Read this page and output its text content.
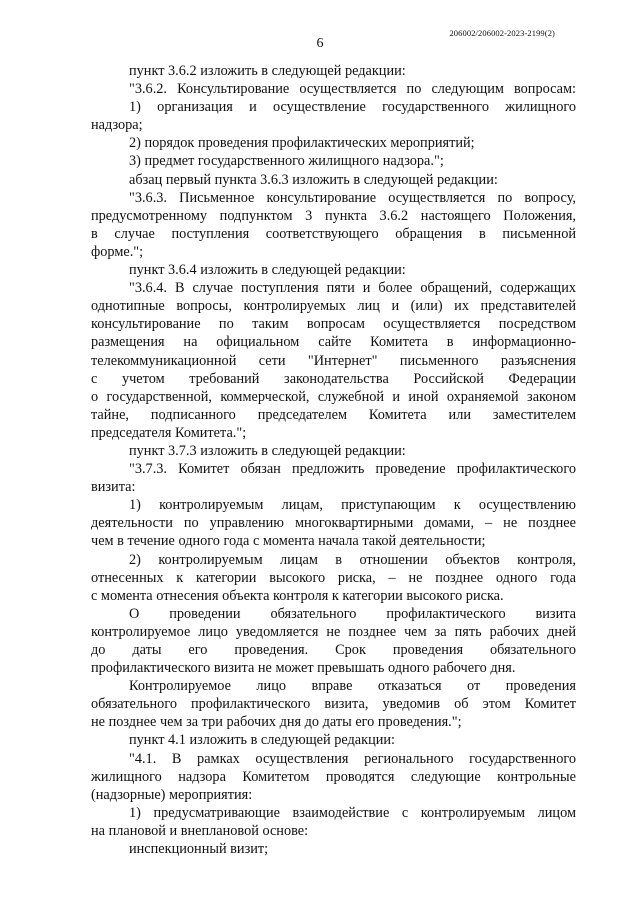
206002/206002-2023-2199(2)
6
пункт 3.6.2 изложить в следующей редакции:
"3.6.2. Консультирование осуществляется по следующим вопросам:
1) организация и осуществление государственного жилищного
надзора;
2) порядок проведения профилактических мероприятий;
3) предмет государственного жилищного надзора.";
абзац первый пункта 3.6.3 изложить в следующей редакции:
"3.6.3. Письменное консультирование осуществляется по вопросу,
предусмотренному подпунктом 3 пункта 3.6.2 настоящего Положения,
в случае поступления соответствующего обращения в письменной
форме.";
пункт 3.6.4 изложить в следующей редакции:
"3.6.4. В случае поступления пяти и более обращений, содержащих
однотипные вопросы, контролируемых лиц и (или) их представителей
консультирование по таким вопросам осуществляется посредством
размещения на официальном сайте Комитета в информационно-
телекоммуникационной сети "Интернет" письменного разъяснения
с учетом требований законодательства Российской Федерации
о государственной, коммерческой, служебной и иной охраняемой законом
тайне, подписанного председателем Комитета или заместителем
председателя Комитета.";
пункт 3.7.3 изложить в следующей редакции:
"3.7.3. Комитет обязан предложить проведение профилактического
визита:
1) контролируемым лицам, приступающим к осуществлению
деятельности по управлению многоквартирными домами, – не позднее
чем в течение одного года с момента начала такой деятельности;
2) контролируемым лицам в отношении объектов контроля,
отнесенных к категории высокого риска, – не позднее одного года
с момента отнесения объекта контроля к категории высокого риска.
О проведении обязательного профилактического визита
контролируемое лицо уведомляется не позднее чем за пять рабочих дней
до даты его проведения. Срок проведения обязательного
профилактического визита не может превышать одного рабочего дня.
Контролируемое лицо вправе отказаться от проведения
обязательного профилактического визита, уведомив об этом Комитет
не позднее чем за три рабочих дня до даты его проведения.";
пункт 4.1 изложить в следующей редакции:
"4.1. В рамках осуществления регионального государственного
жилищного надзора Комитетом проводятся следующие контрольные
(надзорные) мероприятия:
1) предусматривающие взаимодействие с контролируемым лицом
на плановой и внеплановой основе:
инспекционный визит;
